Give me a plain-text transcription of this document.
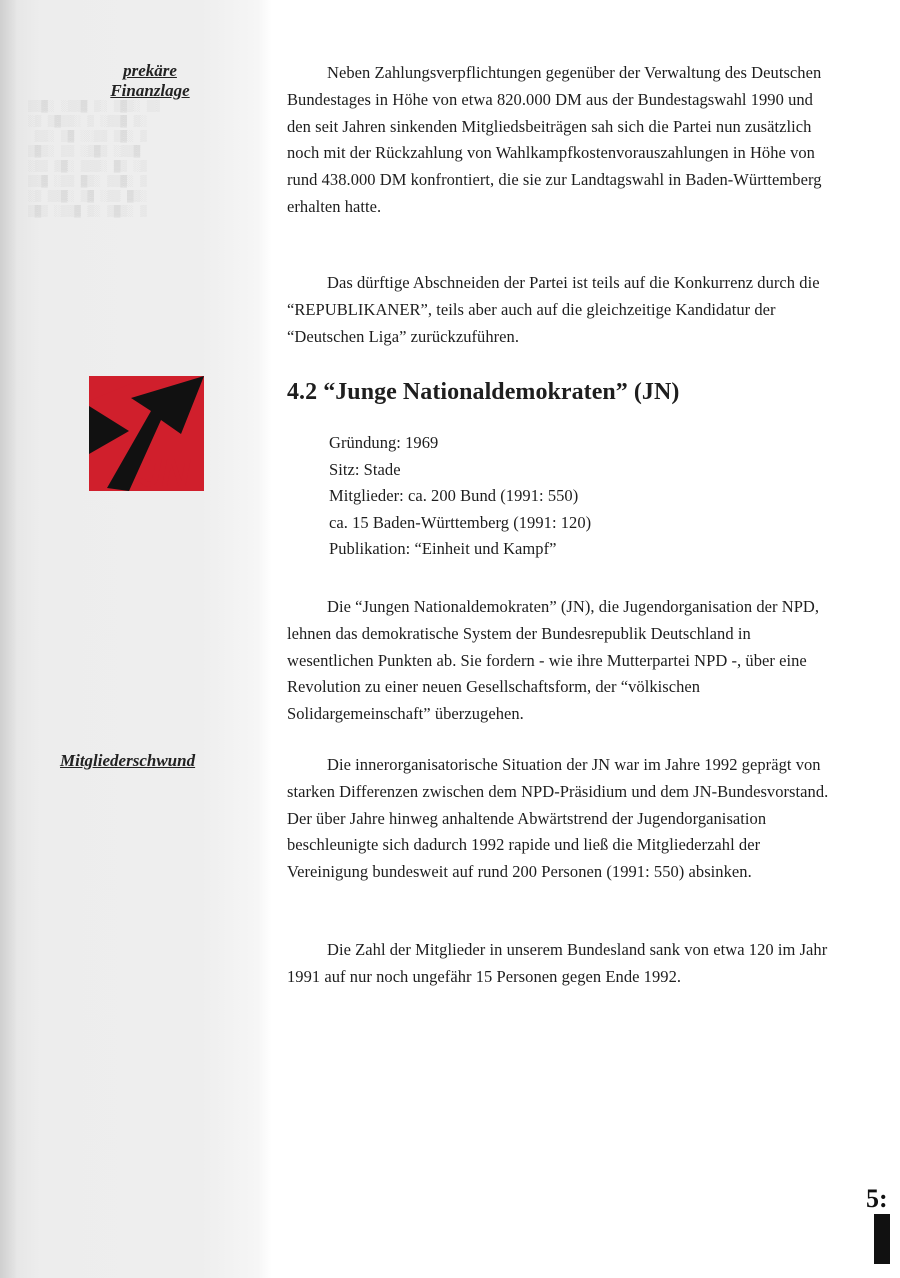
▒▒▓░ ░▒▒▓ ▒░ ▒▓▒░ ▒▒
░▒ ▒▓▒▒░ ▒ ░▒▒▓ ▒░
▒▒░ ▒▓ ░░▒▒ ▒▓░ ▒
▒▓▒░ ▒▒ ░▒▓▒ ░▒▒▓
░▒▒ ▒▓░ ▒▒▒░ ▓▒ ░▒
▒▒▓ ░▒▒ ▓▒░ ▒▒▓░ ▒
░▒ ▒▒▓░ ▒▓ ░▒▒ ▓▒░
▒▓▒ ░▒▒▓ ▒░ ▒▓▒░ ▒
prekäre
Finanzlage
JN
Mitgliederschwund

Neben Zahlungsverpflichtungen gegenüber der Verwaltung des Deutschen Bundestages in Höhe von etwa 820.000 DM aus der Bundestagswahl 1990 und den seit Jahren sinkenden Mitgliedsbeiträgen sah sich die Partei nun zusätzlich noch mit der Rückzahlung von Wahlkampfkostenvorauszahlungen in Höhe von rund 438.000 DM konfrontiert, die sie zur Landtagswahl in Baden-Württemberg erhalten hatte.

Das dürftige Abschneiden der Partei ist teils auf die Konkurrenz durch die “REPUBLIKANER”, teils aber auch auf die gleichzeitige Kandidatur der “Deutschen Liga” zurückzuführen.

4.2 “Junge Nationaldemokraten” (JN)
Gründung: 1969
Sitz: Stade
Mitglieder: ca. 200 Bund (1991: 550)
ca. 15 Baden-Württemberg (1991: 120)
Publikation: “Einheit und Kampf”

Die “Jungen Nationaldemokraten” (JN), die Jugendorganisation der NPD, lehnen das demokratische System der Bundesrepublik Deutschland in wesentlichen Punkten ab. Sie fordern - wie ihre Mutterpartei NPD -, über eine Revolution zu einer neuen Gesellschaftsform, der “völkischen Solidargemeinschaft” überzugehen.

Die innerorganisatorische Situation der JN war im Jahre 1992 geprägt von starken Differenzen zwischen dem NPD-Präsidium und dem JN-Bundesvorstand. Der über Jahre hinweg anhaltende Abwärtstrend der Jugendorganisation beschleunigte sich dadurch 1992 rapide und ließ die Mitgliederzahl der Vereinigung bundesweit auf rund 200 Personen (1991: 550) absinken.

Die Zahl der Mitglieder in unserem Bundesland sank von etwa 120 im Jahr 1991 auf nur noch ungefähr 15 Personen gegen Ende 1992.

5:
